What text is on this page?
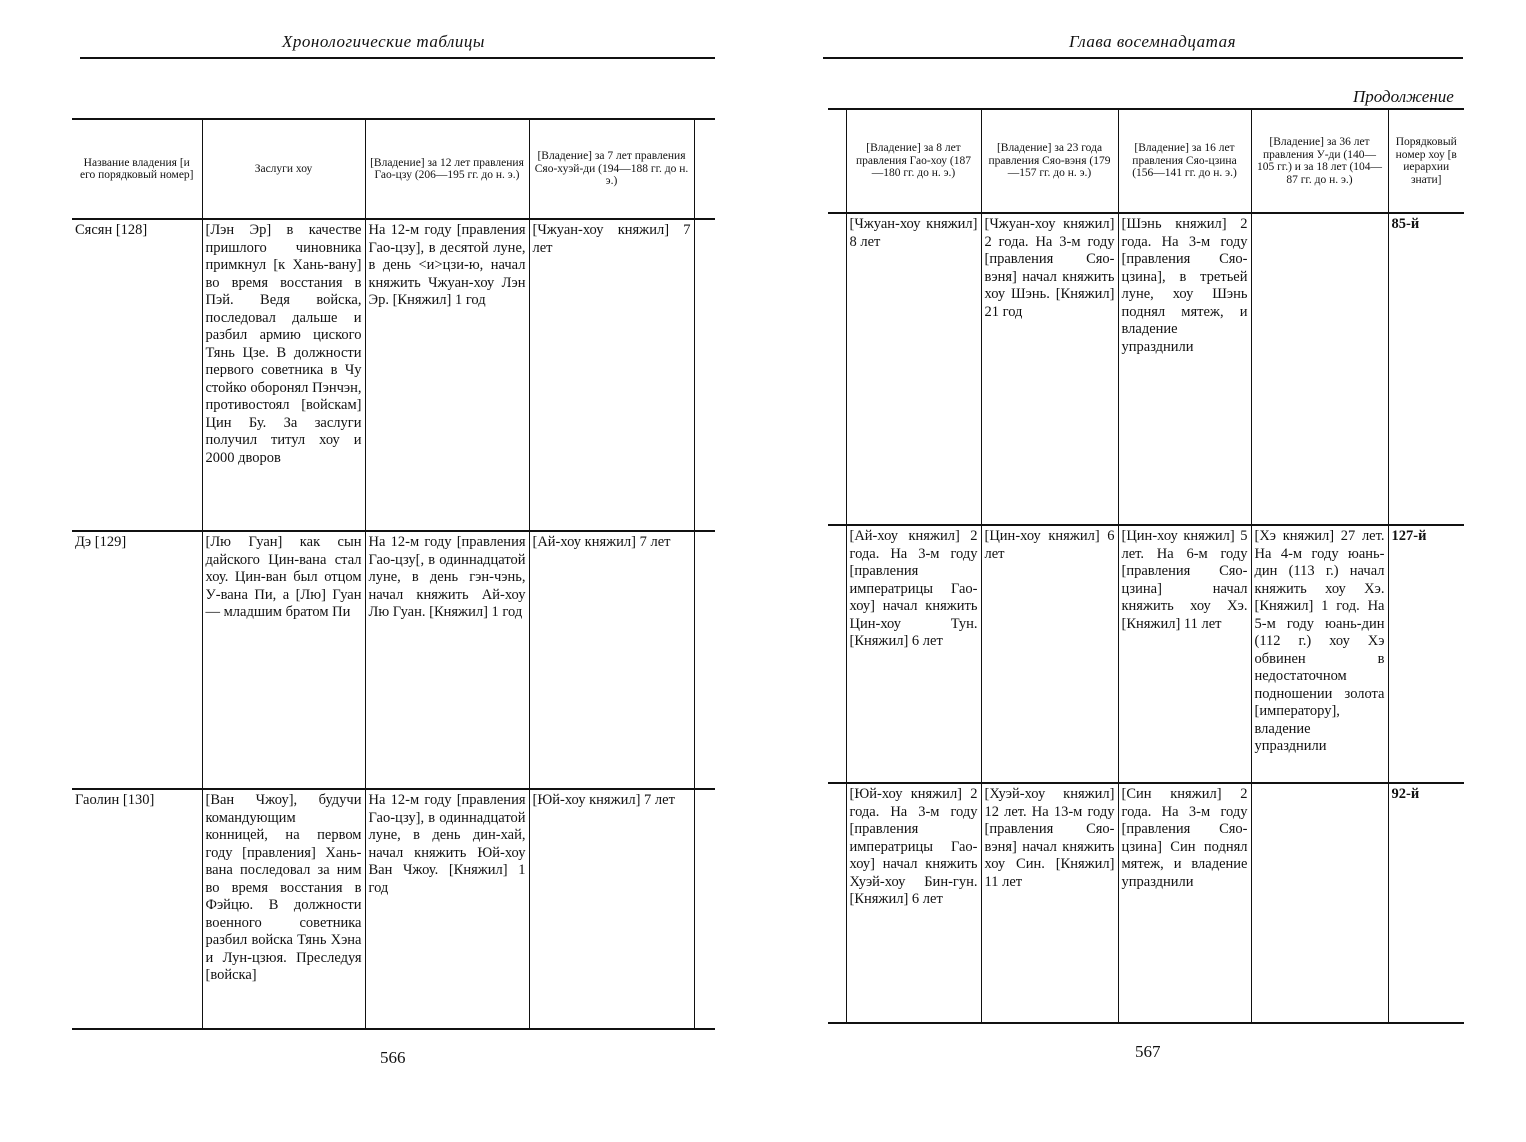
Хронологические таблицы
Название владения [и его порядковый номер]	Заслуги хоу	[Владение] за 12 лет правления Гао-цзу (206—195 гг. до н. э.)	[Владение] за 7 лет правления Сяо-хуэй-ди (194—188 гг. до н. э.)	
Сясян [128]	[Лэн Эр] в качестве пришлого чиновника примкнул [к Хань-вану] во время восстания в Пэй. Ведя войска, последовал дальше и разбил армию циского Тянь Цзе. В должности первого советника в Чу стойко оборонял Пэнчэн, противостоял [войскам] Цин Бу. За заслуги получил титул хоу и 2000 дворов	На 12-м году [правления Гао-цзу], в десятой луне, в день <и>цзи-ю, начал княжить Чжуан-хоу Лэн Эр. [Княжил] 1 год	[Чжуан-хоу княжил] 7 лет	
Дэ [129]	[Лю Гуан] как сын дайского Цин-вана стал хоу. Цин-ван был отцом У-вана Пи, а [Лю] Гуан— младшим братом Пи	На 12-м году [правления Гао-цзу[, в одиннадцатой луне, в день гэн-чэнь, начал княжить Ай-хоу Лю Гуан. [Княжил] 1 год	[Ай-хоу княжил] 7 лет	
Гаолин [130]	[Ван Чжоу], будучи командующим конницей, на первом году [правления] Хань-вана последовал за ним во время восстания в Фэйцю. В должности военного советника разбил войска Тянь Хэна и Лун-цзюя. Преследуя [войска]	На 12-м году [правления Гао-цзу], в одиннадцатой луне, в день дин-хай, начал княжить Юй-хоу Ван Чжоу. [Княжил] 1 год	[Юй-хоу княжил] 7 лет	
566
Глава восемнадцатая
Продолжение
	[Владение] за 8 лет правления Гао-хоу (187—180 гг. до н. э.)	[Владение] за 23 года правления Сяо-вэня (179—157 гг. до н. э.)	[Владение] за 16 лет правления Сяо-цзина (156—141 гг. до н. э.)	[Владение] за 36 лет правления У-ди (140—105 гг.) и за 18 лет (104—87 гг. до н. э.)	Порядковый номер хоу [в иерархии знати]
	[Чжуан-хоу княжил] 8 лет	[Чжуан-хоу княжил] 2 года. На 3-м году [правления Сяо-вэня] начал княжить хоу Шэнь. [Княжил] 21 год	[Шэнь княжил] 2 года. На 3-м году [правления Сяо-цзина], в третьей луне, хоу Шэнь поднял мятеж, и владение упразднили		85-й
	[Ай-хоу княжил] 2 года. На 3-м году [правления императрицы Гао-хоу] начал княжить Цин-хоу Тун. [Княжил] 6 лет	[Цин-хоу княжил] 6 лет	[Цин-хоу княжил] 5 лет. На 6-м году [правления Сяо-цзина] начал княжить хоу Хэ. [Княжил] 11 лет	[Хэ княжил] 27 лет. На 4-м году юань-дин (113 г.) начал княжить хоу Хэ. [Княжил] 1 год. На 5-м году юань-дин (112 г.) хоу Хэ обвинен в недостаточном подношении золота [императору], владение упразднили	127-й
	[Юй-хоу княжил] 2 года. На 3-м году [правления императрицы Гао-хоу] начал княжить Хуэй-хоу Бин-гун. [Княжил] 6 лет	[Хуэй-хоу княжил] 12 лет. На 13-м году [правления Сяо-вэня] начал княжить хоу Син. [Княжил] 11 лет	[Син княжил] 2 года. На 3-м году [правления Сяо-цзина] Син поднял мятеж, и владение упразднили		92-й
567
